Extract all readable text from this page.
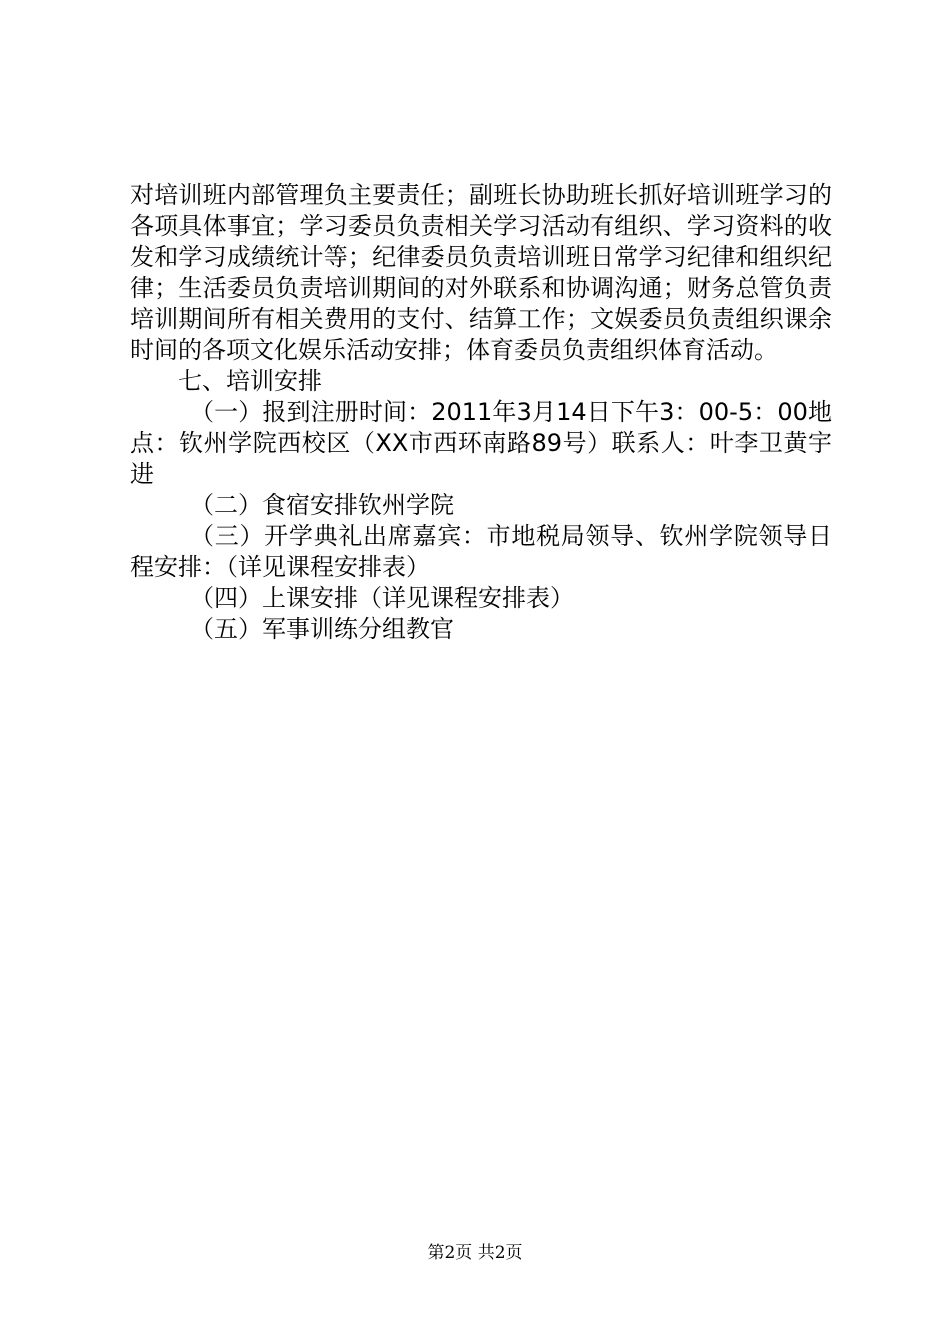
对培训班内部管理负主要责任；副班长协助班长抓好培训班学习的各项具体事宜；学习委员负责相关学习活动有组织、学习资料的收发和学习成绩统计等；纪律委员负责培训班日常学习纪律和组织纪律；生活委员负责培训期间的对外联系和协调沟通；财务总管负责培训期间所有相关费用的支付、结算工作；文娱委员负责组织课余时间的各项文化娱乐活动安排；体育委员负责组织体育活动。

七、培训安排

（一）报到注册时间：2011年3月14日下午3：00-5：00地点：钦州学院西校区（XX市西环南路89号）联系人：叶李卫黄宇进

（二）食宿安排钦州学院

（三）开学典礼出席嘉宾：市地税局领导、钦州学院领导日程安排：（详见课程安排表）

（四）上课安排（详见课程安排表）

（五）军事训练分组教官

第2页 共2页
